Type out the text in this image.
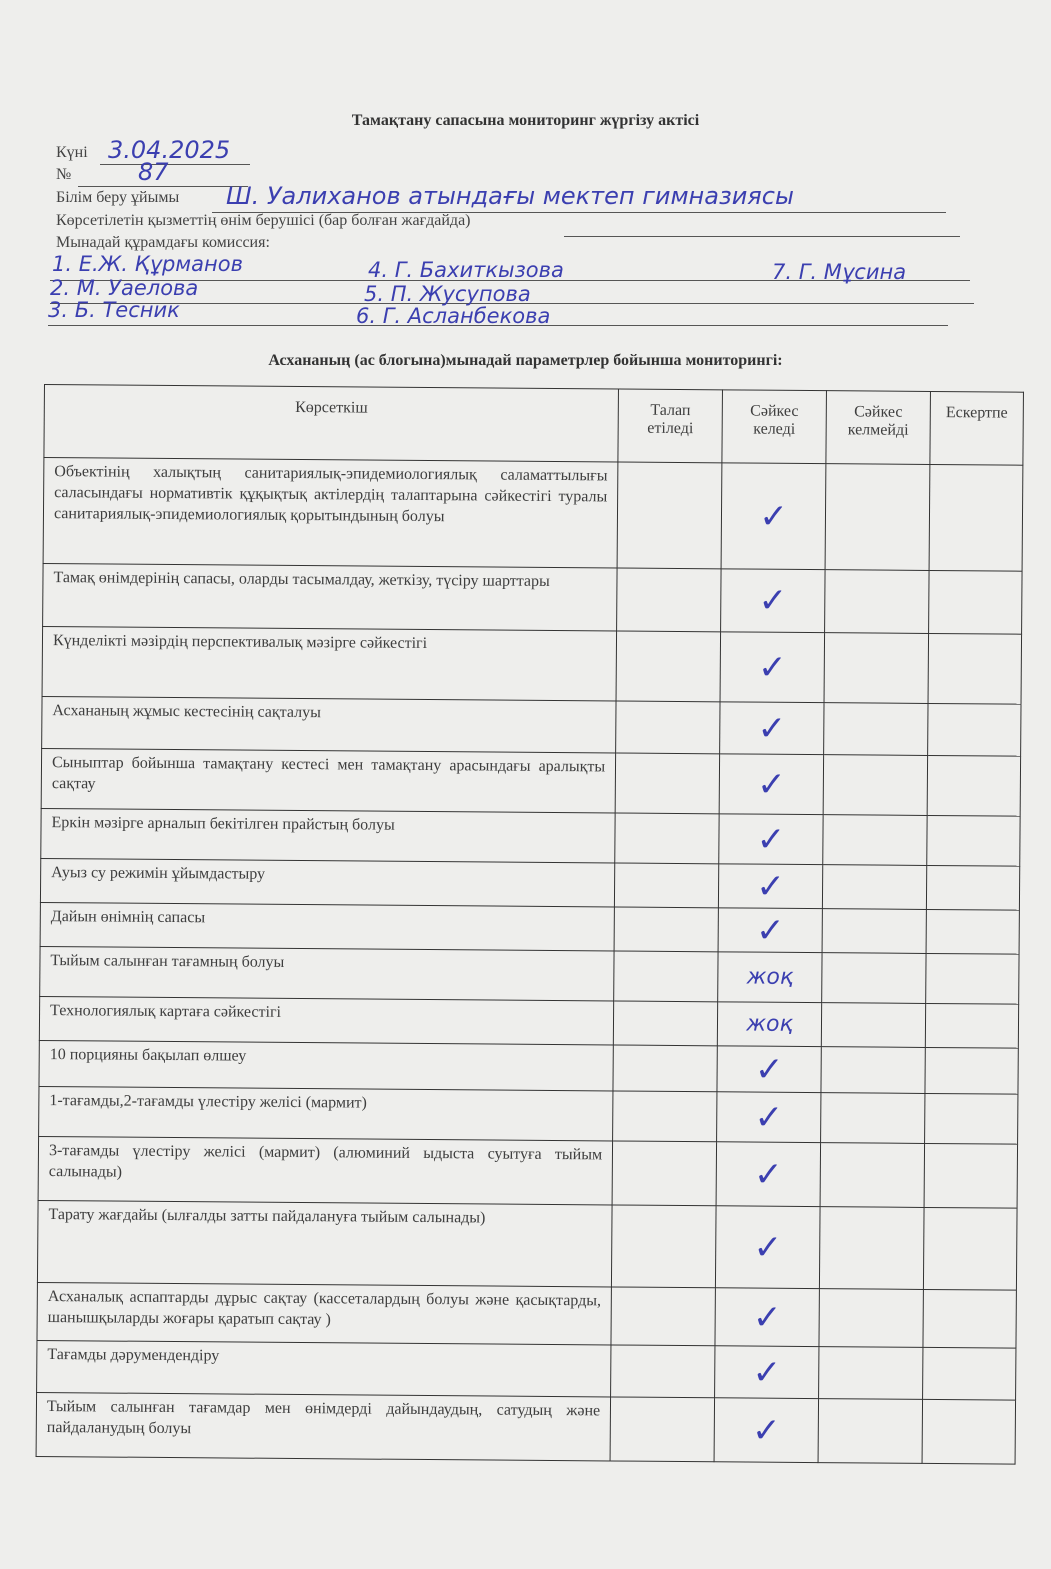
Тамақтану сапасына мониторинг жүргізу актісі
Күні 3.04.2025
№	87
Білім беру ұйымы Ш. Уалиханов атындағы мектеп гимназиясы
Көрсетілетін қызметтің өнім берушісі (бар болған жағдайда)
Мынадай құрамдағы комиссия:
1. Е.Ж. Құрманов	4. Г. Бахиткызова	7. Г. Мұсина
2. М. Уаелова	5. П. Жусупова
3. Б. Тесник	6. Г. Асланбекова
Асхананың (ас блогына)мынадай параметрлер бойынша мониторингі:
Көрсеткіш	Талап етіледі	Сәйкес келеді	Сәйкес келмейді	Ескертпе
Объектінің халықтың санитариялық-эпидемиологиялық саламаттылығы саласындағы нормативтік құқықтық актілердің талаптарына сәйкестігі туралы санитариялық-эпидемиологиялық қорытындының болуы		✓		
Тамақ өнімдерінің сапасы, оларды тасымалдау, жеткізу, түсіру шарттары		✓		
Күнделікті мәзірдің перспективалық мәзірге сәйкестігі		✓		
Асхананың жұмыс кестесінің сақталуы		✓		
Сыныптар бойынша тамақтану кестесі мен тамақтану арасындағы аралықты сақтау		✓		
Еркін мәзірге арналып бекітілген прайстың болуы		✓		
Ауыз су режимін ұйымдастыру		✓		
Дайын өнімнің сапасы		✓		
Тыйым салынған тағамның болуы		жоқ		
Технологиялық картаға сәйкестігі		жоқ		
10 порцияны бақылап өлшеу		✓		
1-тағамды,2-тағамды үлестіру желісі (мармит)		✓		
3-тағамды үлестіру желісі (мармит) (алюминий ыдыста суытуға тыйым салынады)		✓		
Тарату жағдайы (ылғалды затты пайдалануға тыйым салынады)		✓		
Асханалық аспаптарды дұрыс сақтау (кассеталардың болуы және қасықтарды, шанышқыларды жоғары қаратып сақтау )		✓		
Тағамды дәрумендендіру		✓		
Тыйым салынған тағамдар мен өнімдерді дайындаудың, сатудың және пайдаланудың болуы		✓		
